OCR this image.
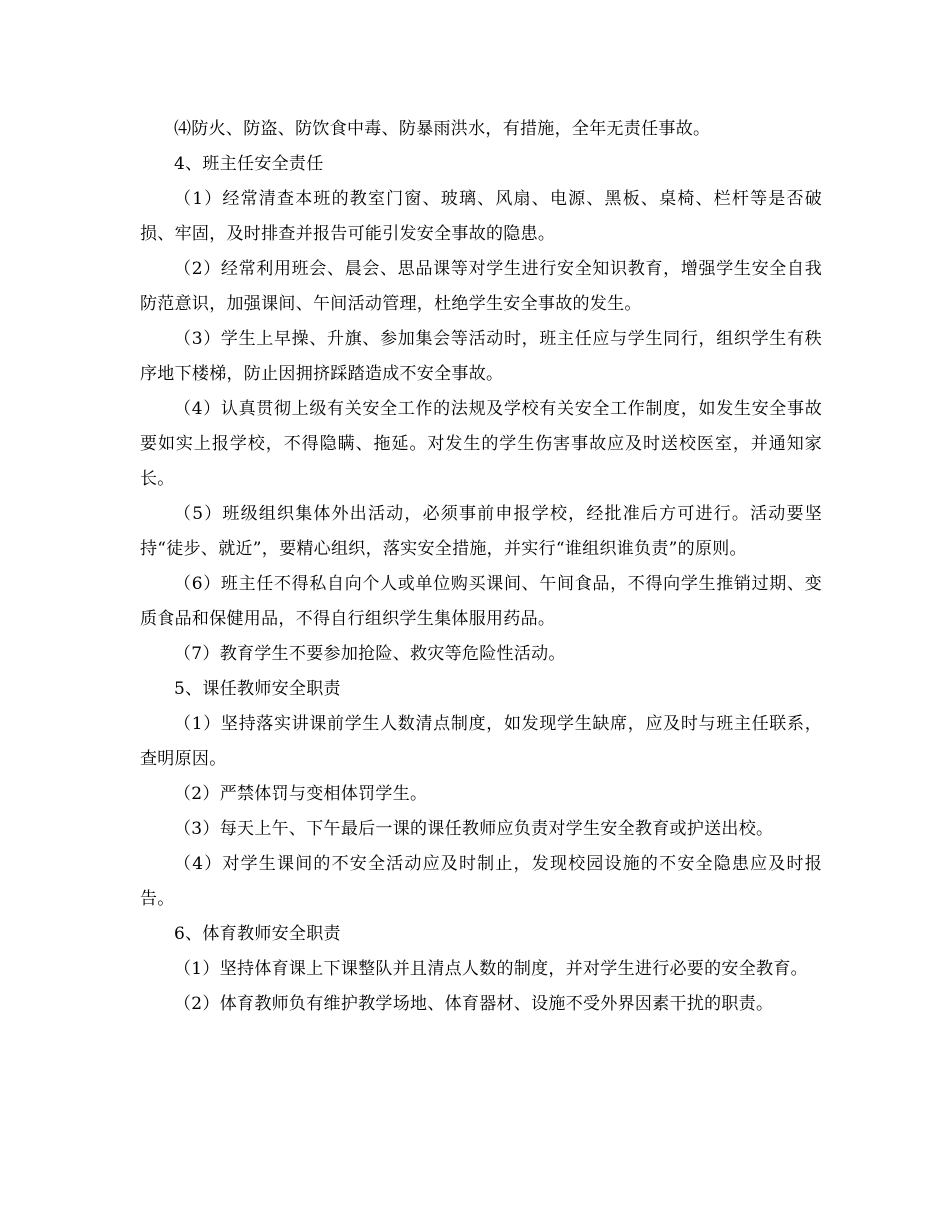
⑷防火、防盗、防饮食中毒、防暴雨洪水，有措施，全年无责任事故。

4、班主任安全责任

（1）经常清查本班的教室门窗、玻璃、风扇、电源、黑板、桌椅、栏杆等是否破损、牢固，及时排查并报告可能引发安全事故的隐患。

（2）经常利用班会、晨会、思品课等对学生进行安全知识教育，增强学生安全自我防范意识，加强课间、午间活动管理，杜绝学生安全事故的发生。

（3）学生上早操、升旗、参加集会等活动时，班主任应与学生同行，组织学生有秩序地下楼梯，防止因拥挤踩踏造成不安全事故。

（4）认真贯彻上级有关安全工作的法规及学校有关安全工作制度，如发生安全事故要如实上报学校，不得隐瞒、拖延。对发生的学生伤害事故应及时送校医室，并通知家长。

（5）班级组织集体外出活动，必须事前申报学校，经批准后方可进行。活动要坚持“徒步、就近”，要精心组织，落实安全措施，并实行“谁组织谁负责”的原则。

（6）班主任不得私自向个人或单位购买课间、午间食品，不得向学生推销过期、变质食品和保健用品，不得自行组织学生集体服用药品。

（7）教育学生不要参加抢险、救灾等危险性活动。

5、课任教师安全职责

（1）坚持落实讲课前学生人数清点制度，如发现学生缺席，应及时与班主任联系，查明原因。

（2）严禁体罚与变相体罚学生。

（3）每天上午、下午最后一课的课任教师应负责对学生安全教育或护送出校。

（4）对学生课间的不安全活动应及时制止，发现校园设施的不安全隐患应及时报告。

6、体育教师安全职责

（1）坚持体育课上下课整队并且清点人数的制度，并对学生进行必要的安全教育。

（2）体育教师负有维护教学场地、体育器材、设施不受外界因素干扰的职责。
